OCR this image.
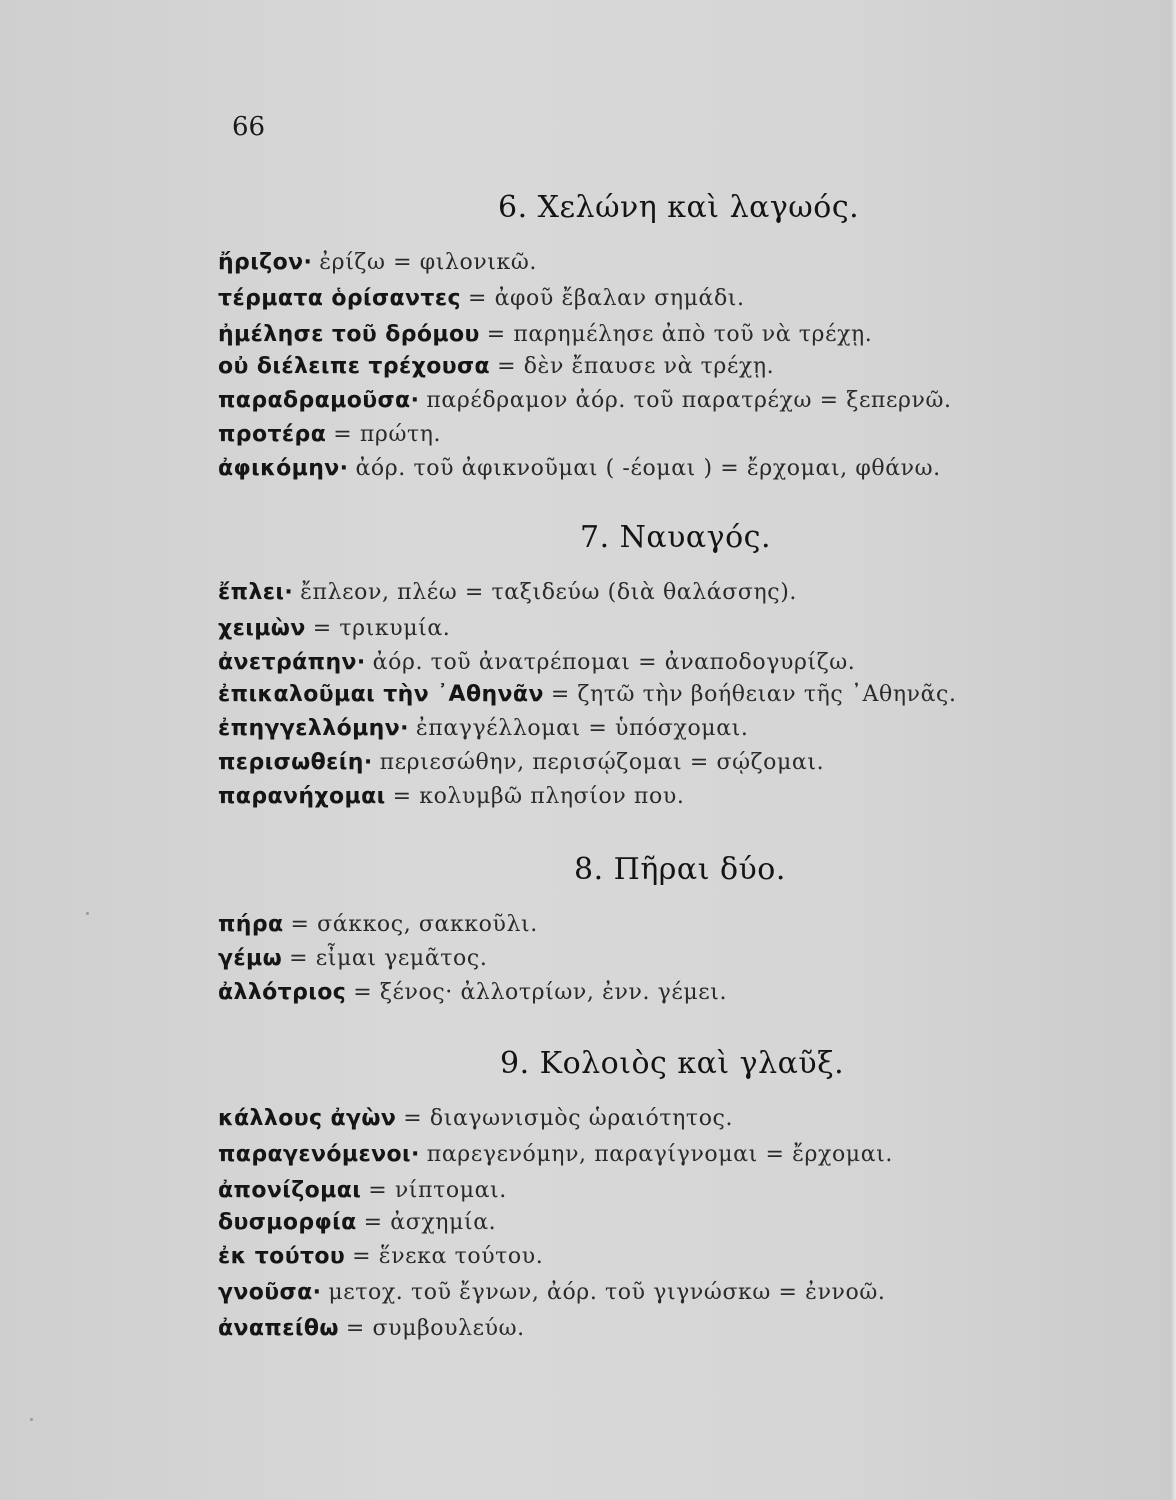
66
6. Χελώνη καὶ λαγωός.
ἤριζον· ἐρίζω = φιλονικῶ.
τέρματα ὁρίσαντες = ἀφοῦ ἔβαλαν σημάδι.
ἠμέλησε τοῦ δρόμου = παρημέλησε ἀπὸ τοῦ νὰ τρέχῃ.
οὐ διέλειπε τρέχουσα = δὲν ἔπαυσε νὰ τρέχῃ.
παραδραμοῦσα· παρέδραμον ἀόρ. τοῦ παρατρέχω = ξεπερνῶ.
προτέρα = πρώτη.
ἀφικόμην· ἀόρ. τοῦ ἀφικνοῦμαι ( -έομαι ) = ἔρχομαι, φθάνω.
7. Ναυαγός.
ἔπλει· ἔπλεον, πλέω = ταξιδεύω (διὰ θαλάσσης).
χειμὼν = τρικυμία.
ἀνετράπην· ἀόρ. τοῦ ἀνατρέπομαι = ἀναποδογυρίζω.
ἐπικαλοῦμαι τὴν ᾿Αθηνᾶν = ζητῶ τὴν βοήθειαν τῆς ᾿Αθηνᾶς.
ἐπηγγελλόμην· ἐπαγγέλλομαι = ὑπόσχομαι.
περισωθείη· περιεσώθην, περισῴζομαι = σῴζομαι.
παρανήχομαι = κολυμβῶ πλησίον που.
8. Πῆραι δύο.
πήρα = σάκκος, σακκοῦλι.
γέμω = εἶμαι γεμᾶτος.
ἀλλότριος = ξένος· ἀλλοτρίων, ἐνν. γέμει.
9. Κολοιὸς καὶ γλαῦξ.
κάλλους ἀγὼν = διαγωνισμὸς ὡραιότητος.
παραγενόμενοι· παρεγενόμην, παραγίγνομαι = ἔρχομαι.
ἀπονίζομαι = νίπτομαι.
δυσμορφία = ἀσχημία.
ἐκ τούτου = ἕνεκα τούτου.
γνοῦσα· μετοχ. τοῦ ἔγνων, ἀόρ. τοῦ γιγνώσκω = ἐννοῶ.
ἀναπείθω = συμβουλεύω.
